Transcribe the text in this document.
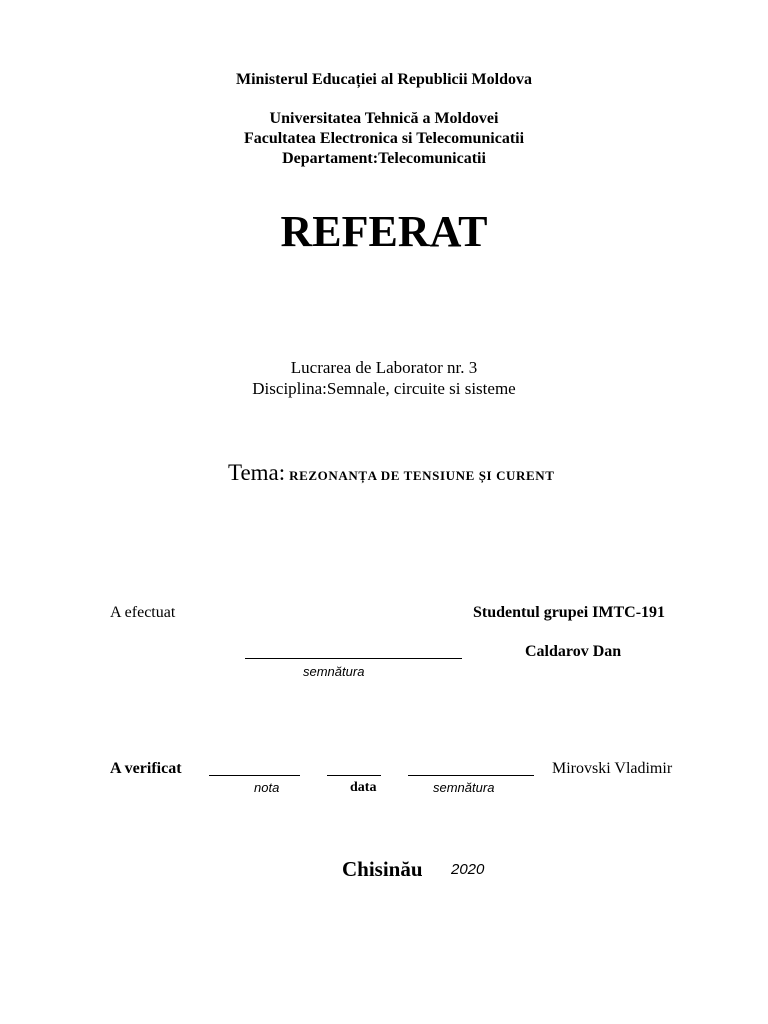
Ministerul Educației al Republicii Moldova
Universitatea Tehnică a Moldovei
Facultatea Electronica si Telecomunicatii
Departament:Telecomunicatii
REFERAT
Lucrarea de Laborator nr. 3
Disciplina:Semnale, circuite si sisteme
Tema: REZONANȚA DE TENSIUNE ȘI CURENT
A efectuat	Studentul grupei IMTC-191
Caldarov Dan
semnătura
A verificat	Mirovski Vladimir
nota	data	semnătura
Chisinău 2020
